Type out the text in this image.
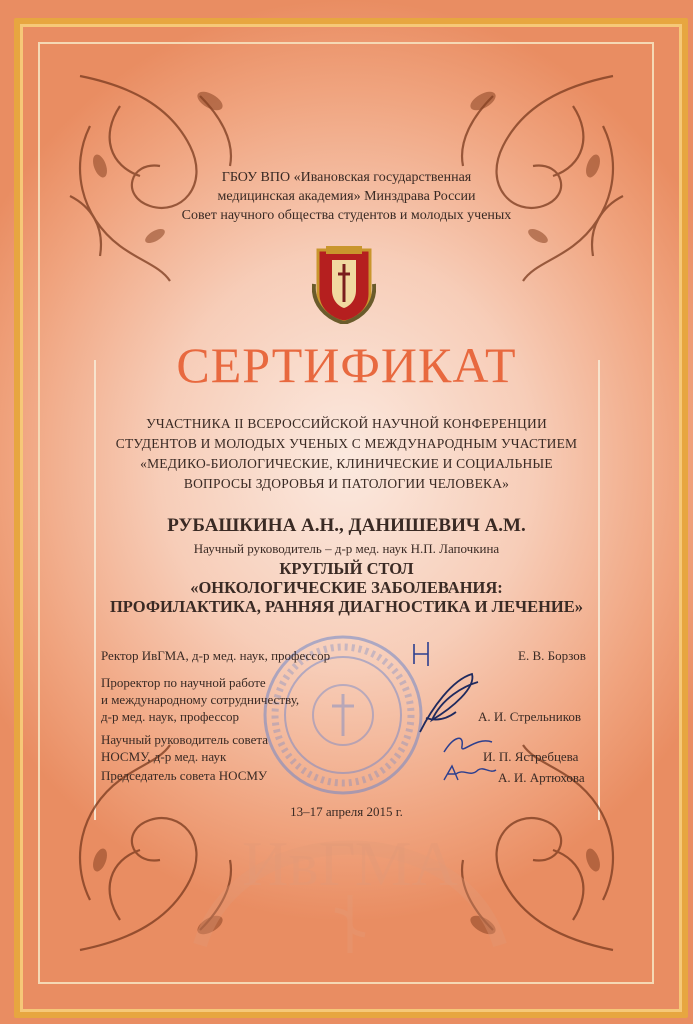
ИвГМА
ГБОУ ВПО «Ивановская государственная
медицинская академия» Минздрава России
Совет научного общества студентов и молодых ученых
СЕРТИФИКАТ
УЧАСТНИКА II ВСЕРОССИЙСКОЙ НАУЧНОЙ КОНФЕРЕНЦИИ
СТУДЕНТОВ И МОЛОДЫХ УЧЕНЫХ С МЕЖДУНАРОДНЫМ УЧАСТИЕМ
«МЕДИКО-БИОЛОГИЧЕСКИЕ, КЛИНИЧЕСКИЕ И СОЦИАЛЬНЫЕ
ВОПРОСЫ ЗДОРОВЬЯ И ПАТОЛОГИИ ЧЕЛОВЕКА»
РУБАШКИНА А.Н., ДАНИШЕВИЧ А.М.
Научный руководитель – д-р мед. наук Н.П. Лапочкина
КРУГЛЫЙ СТОЛ
«ОНКОЛОГИЧЕСКИЕ ЗАБОЛЕВАНИЯ:
ПРОФИЛАКТИКА, РАННЯЯ ДИАГНОСТИКА И ЛЕЧЕНИЕ»
Ректор ИвГМА, д-р мед. наук, профессор	Е. В. Борзов
Проректор по научной работе
и международному сотрудничеству,
д-р мед. наук, профессор	А. И. Стрельников
Научный руководитель совета
НОСМУ, д-р мед. наук	И. П. Ястребцева
Председатель совета НОСМУ	А. И. Артюхова
13–17 апреля 2015 г.
